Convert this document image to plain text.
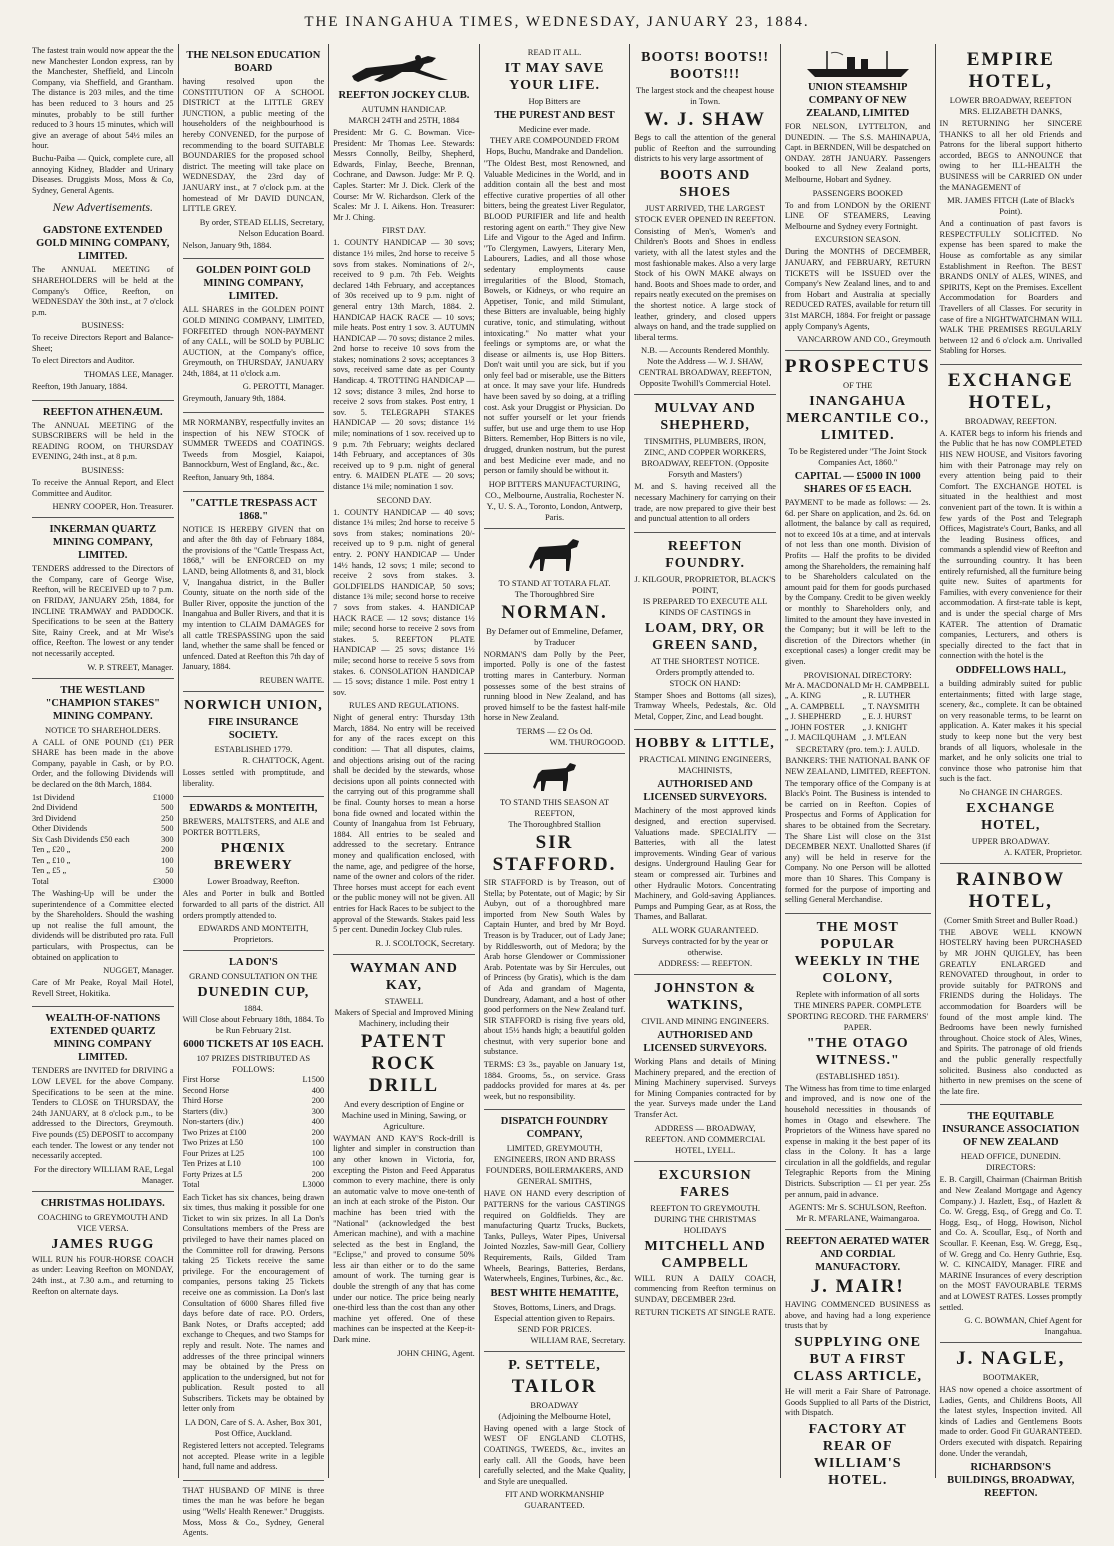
THE INANGAHUA TIMES, WEDNESDAY, JANUARY 23, 1884.

The fastest train would now appear the the new Manchester London express, ran by the Manchester, Sheffield, and Lincoln Company, via Sheffield, and Grantham. The distance is 203 miles, and the time has been reduced to 3 hours and 25 minutes, probably to be still further reduced to 3 hours 15 minutes, which will give an average of about 54½ miles an hour.

Buchu-Paiba — Quick, complete cure, all annoying Kidney, Bladder and Urinary Diseases. Druggists Moss, Moss & Co, Sydney, General Agents.

New Advertisements.
GADSTONE EXTENDED GOLD MINING COMPANY, LIMITED.

The ANNUAL MEETING of SHAREHOLDERS will be held at the Company's Office, Reefton, on WEDNESDAY the 30th inst., at 7 o'clock p.m.

BUSINESS:
To receive Directors Report and Balance-Sheet;
To elect Directors and Auditor.
THOMAS LEE, Manager.
Reefton, 19th January, 1884.
REEFTON ATHENÆUM.

The ANNUAL MEETING of the SUBSCRIBERS will be held in the READING ROOM, on THURSDAY EVENING, 24th inst., at 8 p.m.

BUSINESS:
To receive the Annual Report, and Elect Committee and Auditor.
HENRY COOPER, Hon. Treasurer.
INKERMAN QUARTZ MINING COMPANY, LIMITED.

TENDERS addressed to the Directors of the Company, care of George Wise, Reefton, will be RECEIVED up to 7 p.m. on FRIDAY, JANUARY 25th, 1884, for INCLINE TRAMWAY and PADDOCK. Specifications to be seen at the Battery Site, Rainy Creek, and at Mr Wise's office, Reefton. The lowest or any tender not necessarily accepted.

W. P. STREET, Manager.
THE WESTLAND "CHAMPION STAKES" MINING COMPANY.
NOTICE TO SHAREHOLDERS.

A CALL of ONE POUND (£1) PER SHARE has been made in the above Company, payable in Cash, or by P.O. Order, and the following Dividends will be declared on the 8th March, 1884.

1st Dividend	£1000
2nd Dividend	500
3rd Dividend	250
Other Dividends	500
Six Cash Dividends £50 each	300
Ten „ £20 „	200
Ten „ £10 „	100
Ten „ £5 „	50
Total	£3000

The Washing-Up will be under the superintendence of a Committee elected by the Shareholders. Should the washing up not realise the full amount, the dividends will be distributed pro rata. Full particulars, with Prospectus, can be obtained on application to

NUGGET, Manager.
Care of Mr Peake, Royal Mail Hotel, Revell Street, Hokitika.
WEALTH-OF-NATIONS EXTENDED QUARTZ MINING COMPANY LIMITED.

TENDERS are INVITED for DRIVING a LOW LEVEL for the above Company. Specifications to be seen at the mine. Tenders to CLOSE on THURSDAY, the 24th JANUARY, at 8 o'clock p.m., to be addressed to the Directors, Greymouth. Five pounds (£5) DEPOSIT to accompany each tender. The lowest or any tender not necessarily accepted.

For the directory WILLIAM RAE, Legal Manager.
CHRISTMAS HOLIDAYS.
COACHING to GREYMOUTH AND VICE VERSA.
JAMES RUGG

WILL RUN his FOUR-HORSE COACH as under: Leaving Reefton on MONDAY, 24th inst., at 7.30 a.m., and returning to Reefton on alternate days.

THE NELSON EDUCATION BOARD

having resolved upon the CONSTITUTION OF A SCHOOL DISTRICT at the LITTLE GREY JUNCTION, a public meeting of the householders of the neighbourhood is hereby CONVENED, for the purpose of recommending to the board SUITABLE BOUNDARIES for the proposed school district. The meeting will take place on WEDNESDAY, the 23rd day of JANUARY inst., at 7 o'clock p.m. at the homestead of Mr DAVID DUNCAN, LITTLE GREY.

By order, STEAD ELLIS, Secretary, Nelson Education Board.
Nelson, January 9th, 1884.
GOLDEN POINT GOLD MINING COMPANY, LIMITED.

ALL SHARES in the GOLDEN POINT GOLD MINING COMPANY, LIMITED, FORFEITED through NON-PAYMENT of any CALL, will be SOLD by PUBLIC AUCTION, at the Company's office, Greymouth, on THURSDAY, JANUARY 24th, 1884, at 11 o'clock a.m.

G. PEROTTI, Manager.
Greymouth, January 9th, 1884.

MR NORMANBY, respectfully invites an inspection of his NEW STOCK of SUMMER TWEEDS and COATINGS. Tweeds from Mosgiel, Kaiapoi, Bannockburn, West of England, &c., &c.

Reefton, January 9th, 1884.
"CATTLE TRESPASS ACT 1868."

NOTICE IS HEREBY GIVEN that on and after the 8th day of February 1884, the provisions of the "Cattle Trespass Act, 1868," will be ENFORCED on my LAND, being Allotments 8, and 31, block V, Inangahua district, in the Buller County, situate on the north side of the Buller River, opposite the junction of the Inangahua and Buller Rivers, and that it is my intention to CLAIM DAMAGES for all cattle TRESPASSING upon the said land, whether the same shall be fenced or unfenced. Dated at Reefton this 7th day of January, 1884.

REUBEN WAITE.
NORWICH UNION,
FIRE INSURANCE SOCIETY.
ESTABLISHED 1779.
R. CHATTOCK, Agent.

Losses settled with promptitude, and liberality.

EDWARDS & MONTEITH,

BREWERS, MALTSTERS, and ALE and PORTER BOTTLERS,

PHŒNIX BREWERY
Lower Broadway, Reefton.

Ales and Porter in bulk and Bottled forwarded to all parts of the district. All orders promptly attended to.

EDWARDS AND MONTEITH, Proprietors.
LA DON'S
GRAND CONSULTATION ON THE
DUNEDIN CUP,
1884.
Will Close about February 18th, 1884. To be Run February 21st.
6000 TICKETS AT 10S EACH.
107 PRIZES DISTRIBUTED AS FOLLOWS:
First Horse	L1500
Second Horse	400
Third Horse	200
Starters (div.)	300
Non-starters (div.)	400
Two Prizes at £100	200
Two Prizes at L50	100
Four Prizes at L25	100
Ten Prizes at L10	100
Forty Prizes at L5	200
Total	L3000

Each Ticket has six chances, being drawn six times, thus making it possible for one Ticket to win six prizes. In all La Don's Consultations members of the Press are privileged to have their names placed on the Committee roll for drawing. Persons taking 25 Tickets receive the same privilege. For the encouragement of companies, persons taking 25 Tickets receive one as commission. La Don's last Consultation of 6000 Shares filled five days before date of race. P.O. Orders, Bank Notes, or Drafts accepted; add exchange to Cheques, and two Stamps for reply and result. Note. The names and addresses of the three principal winners may be obtained by the Press on application to the undersigned, but not for publication. Result posted to all Subscribers. Tickets may be obtained by letter only from

LA DON, Care of S. A. Asher, Box 301, Post Office, Auckland.

Registered letters not accepted. Telegrams not accepted. Please write in a legible hand, full name and address.

THAT HUSBAND OF MINE is three times the man he was before he began using "Wells' Health Renewer." Druggists. Moss, Moss & Co., Sydney, General Agents.

REEFTON JOCKEY CLUB.
AUTUMN HANDICAP.
MARCH 24TH and 25TH, 1884

President: Mr G. C. Bowman. Vice-President: Mr Thomas Lee. Stewards: Messrs Connolly, Beilby, Shepherd, Edwards, Finlay, Beeche, Brennan, Cochrane, and Dawson. Judge: Mr P. Q. Caples. Starter: Mr J. Dick. Clerk of the Course: Mr W. Richardson. Clerk of the Scales: Mr J. I. Aikens. Hon. Treasurer: Mr J. Ching.

FIRST DAY.

1. COUNTY HANDICAP — 30 sovs; distance 1½ miles, 2nd horse to receive 5 sovs from stakes. Nominations of 2/-, received to 9 p.m. 7th Feb. Weights declared 14th February, and acceptances of 30s received up to 9 p.m. night of general entry 13th March, 1884. 2. HANDICAP HACK RACE — 10 sovs; mile heats. Post entry 1 sov. 3. AUTUMN HANDICAP — 70 sovs; distance 2 miles. 2nd horse to receive 10 sovs from the stakes; nominations 2 sovs; acceptances 3 sovs, received same date as per County Handicap. 4. TROTTING HANDICAP — 12 sovs; distance 3 miles, 2nd horse to receive 2 sovs from stakes. Post entry, 1 sov. 5. TELEGRAPH STAKES HANDICAP — 20 sovs; distance 1½ mile; nominations of 1 sov. received up to 9 p.m. 7th February; weights declared 14th February, and acceptances of 30s received up to 9 p.m. night of general entry. 6. MAIDEN PLATE — 20 sovs; distance 1¼ mile; nomination 1 sov.

SECOND DAY.

1. COUNTY HANDICAP — 40 sovs; distance 1¼ miles; 2nd horse to receive 5 sovs from stakes; nominations 20/- received up to 9 p.m. night of general entry. 2. PONY HANDICAP — Under 14½ hands, 12 sovs; 1 mile; second to receive 2 sovs from stakes. 3. GOLDFIELDS HANDICAP, 50 sovs; distance 1¾ mile; second horse to receive 7 sovs from stakes. 4. HANDICAP HACK RACE — 12 sovs; distance 1½ mile; second horse to receive 2 sovs from stakes. 5. REEFTON PLATE HANDICAP — 25 sovs; distance 1½ mile; second horse to receive 5 sovs from stakes. 6. CONSOLATION HANDICAP — 15 sovs; distance 1 mile. Post entry 1 sov.

RULES AND REGULATIONS.

Night of general entry: Thursday 13th March, 1884. No entry will be received for any of the races except on this condition: — That all disputes, claims, and objections arising out of the racing shall be decided by the stewards, whose decisions upon all points connected with the carrying out of this programme shall be final. County horses to mean a horse bona fide owned and located within the County of Inangahua from 1st February, 1884. All entries to be sealed and addressed to the secretary. Entrance money and qualification enclosed, with the name, age, and pedigree of the horse, name of the owner and colors of the rider. Three horses must accept for each event or the public money will not be given. All entries for Hack Races to be subject to the approval of the Stewards. Stakes paid less 5 per cent. Dunedin Jockey Club rules.

R. J. SCOLTOCK, Secretary.
WAYMAN AND KAY,
STAWELL
Makers of Special and Improved Mining Machinery, including their
PATENT ROCK DRILL
And every description of Engine or Machine used in Mining, Sawing, or Agriculture.

WAYMAN AND KAY'S Rock-drill is lighter and simpler in construction than any other known in Victoria, for, excepting the Piston and Feed Apparatus common to every machine, there is only an automatic valve to move one-tenth of an inch at each stroke of the Piston. Our machine has been tried with the "National" (acknowledged the best American machine), and with a machine selected as the best in England, the "Eclipse," and proved to consume 50% less air than either or to do the same amount of work. The turning gear is double the strength of any that has come under our notice. The price being nearly one-third less than the cost than any other machine yet offered. One of these machines can be inspected at the Keep-it-Dark mine.

JOHN CHING, Agent.
READ IT ALL.
IT MAY SAVE YOUR LIFE.
Hop Bitters are
THE PUREST AND BEST
Medicine ever made.
THEY ARE COMPOUNDED FROM Hops, Buchu, Mandrake and Dandelion.

"The Oldest Best, most Renowned, and Valuable Medicines in the World, and in addition contain all the best and most effective curative properties of all other bitters, being the greatest Liver Regulator, BLOOD PURIFIER and life and health restoring agent on earth." They give New Life and Vigour to the Aged and Infirm. "To Clergymen, Lawyers, Literary Men, Labourers, Ladies, and all those whose sedentary employments cause irregularities of the Blood, Stomach, Bowels, or Kidneys, or who require an Appetiser, Tonic, and mild Stimulant, these Bitters are invaluable, being highly curative, tonic, and stimulating, without intoxicating." No matter what your feelings or symptoms are, or what the disease or ailments is, use Hop Bitters. Don't wait until you are sick, but if you only feel bad or miserable, use the Bitters at once. It may save your life. Hundreds have been saved by so doing, at a trifling cost. Ask your Druggist or Physician. Do not suffer yourself or let your friends suffer, but use and urge them to use Hop Bitters. Remember, Hop Bitters is no vile, drugged, drunken nostrum, but the purest and best Medicine ever made, and no person or family should be without it.

HOP BITTERS MANUFACTURING, CO., Melbourne, Australia, Rochester N. Y., U. S. A., Toronto, London, Antwerp, Paris.
TO STAND AT TOTARA FLAT.
The Thoroughbred Sire
NORMAN.
By Defamer out of Emmeline, Defamer, by Traducer

NORMAN'S dam Polly by the Peer, imported. Polly is one of the fastest trotting mares in Canterbury. Norman possesses some of the best strains of running blood in New Zealand, and has proved himself to be the fastest half-mile horse in New Zealand.

TERMS — £2 Os Od.
WM. THUROGOOD.
TO STAND THIS SEASON AT REEFTON,
The Thoroughbred Stallion
SIR STAFFORD.

SIR STAFFORD is by Treason, out of Stella; by Potentate, out of Magic; by Sir Aubyn, out of a thoroughbred mare imported from New South Wales by Captain Hunter, and bred by Mr Boyd. Treason is by Traducer, out of Lady Jane; by Riddlesworth, out of Medora; by the Arab horse Glendower or Commissioner Arab. Potentate was by Sir Hercules, out of Princess (by Gratis), which is the dam of Ada and grandam of Magenta, Dundreary, Adamant, and a host of other good performers on the New Zealand turf. SIR STAFFORD is rising five years old, about 15½ hands high; a beautiful golden chestnut, with very superior bone and substance.

TERMS: £3 3s., payable on January 1st, 1884. Grooms, 5s., on service. Grass paddocks provided for mares at 4s. per week, but no responsibility.

DISPATCH FOUNDRY COMPANY,
LIMITED, GREYMOUTH,
ENGINEERS, IRON AND BRASS FOUNDERS, BOILERMAKERS, AND GENERAL SMITHS,

HAVE ON HAND every description of PATTERNS for the various CASTINGS required on Goldfields. They are manufacturing Quartz Trucks, Buckets, Tanks, Pulleys, Water Pipes, Universal Jointed Nozzles, Saw-mill Gear, Colliery Requirements, Rails, Gilded Tram Wheels, Bearings, Batteries, Berdans, Waterwheels, Engines, Turbines, &c., &c.

BEST WHITE HEMATITE,
Stoves, Bottoms, Liners, and Drags.
Especial attention given to Repairs.
SEND FOR PRICES.
WILLIAM RAE, Secretary.
P. SETTELE,
TAILOR
BROADWAY
(Adjoining the Melbourne Hotel,

Having opened with a large Stock of WEST OF ENGLAND CLOTHS, COATINGS, TWEEDS, &c., invites an early call. All the Goods, have been carefully selected, and the Make Quality, and Style are unequalled.

FIT AND WORKMANSHIP GUARANTEED.
BOOTS! BOOTS!! BOOTS!!!
The largest stock and the cheapest house in Town.
W. J. SHAW

Begs to call the attention of the general public of Reefton and the surrounding districts to his very large assortment of

BOOTS AND SHOES
JUST ARRIVED, THE LARGEST STOCK EVER OPENED IN REEFTON.

Consisting of Men's, Women's and Children's Boots and Shoes in endless variety, with all the latest styles and the most fashionable makes. Also a very large Stock of his OWN MAKE always on hand. Boots and Shoes made to order, and repairs neatly executed on the premises on the shortest notice. A large stock of leather, grindery, and closed uppers always on hand, and the trade supplied on liberal terms.

N.B. — Accounts Rendered Monthly.
Note the Address — W. J. SHAW, CENTRAL BROADWAY, REEFTON, Opposite Twohill's Commercial Hotel.
MULVAY AND SHEPHERD,
TINSMITHS, PLUMBERS, IRON, ZINC, AND COPPER WORKERS,
BROADWAY, REEFTON. (Opposite Forsyth and Masters')

M. and S. having received all the necessary Machinery for carrying on their trade, are now prepared to give their best and punctual attention to all orders

REEFTON FOUNDRY.
J. KILGOUR, PROPRIETOR, BLACK'S POINT,
IS PREPARED TO EXECUTE ALL KINDS OF CASTINGS in
LOAM, DRY, OR GREEN SAND,
AT THE SHORTEST NOTICE.
Orders promptly attended to.
STOCK ON HAND:

Stamper Shoes and Bottoms (all sizes), Tramway Wheels, Pedestals, &c. Old Metal, Copper, Zinc, and Lead bought.

HOBBY & LITTLE,
PRACTICAL MINING ENGINEERS, MACHINISTS,
AUTHORISED AND LICENSED SURVEYORS.

Machinery of the most approved kinds designed, and erection supervised. Valuations made. SPECIALITY — Batteries, with all the latest improvements. Winding Gear of various designs. Underground Hauling Gear for steam or compressed air. Turbines and other Hydraulic Motors. Concentrating Machinery, and Gold-saving Appliances. Pumps and Pumping Gear, as at Ross, the Thames, and Ballarat.

ALL WORK GUARANTEED.
Surveys contracted for by the year or otherwise.
ADDRESS: — REEFTON.
JOHNSTON & WATKINS,
CIVIL AND MINING ENGINEERS.
AUTHORISED AND LICENSED SURVEYORS.

Working Plans and details of Mining Machinery prepared, and the erection of Mining Machinery supervised. Surveys for Mining Companies contracted for by the year. Surveys made under the Land Transfer Act.

ADDRESS — BROADWAY, REEFTON. AND COMMERCIAL HOTEL, LYELL.
EXCURSION FARES
REEFTON TO GREYMOUTH.
DURING THE CHRISTMAS HOLIDAYS
MITCHELL AND CAMPBELL

WILL RUN A DAILY COACH, commencing from Reefton terminus on SUNDAY, DECEMBER 23rd.

RETURN TICKETS AT SINGLE RATE.
UNION STEAMSHIP COMPANY OF NEW ZEALAND, LIMITED

FOR NELSON, LYTTELTON, and DUNEDIN. — The S.S. MAHINAPUA, Capt. in BERNDEN, Will be despatched on ONDAY. 28TH JANUARY. Passengers booked to all New Zealand ports, Melbourne, Hobart and Sydney.

PASSENGERS BOOKED

To and from LONDON by the ORIENT LINE OF STEAMERS, Leaving Melbourne and Sydney every Fortnight.

EXCURSION SEASON.

During the MONTHS of DECEMBER, JANUARY, and FEBRUARY, RETURN TICKETS will be ISSUED over the Company's New Zealand lines, and to and from Hobart and Australia at specially REDUCED RATES, available for return till 31st MARCH, 1884. For freight or passage apply Company's Agents,

VANCARROW AND CO., Greymouth
PROSPECTUS
OF THE
INANGAHUA MERCANTILE CO., LIMITED.
To be Registered under "The Joint Stock Companies Act, 1860."
CAPITAL — £5000 IN 1000 SHARES OF £5 EACH.

PAYMENT to be made as follows: — 2s. 6d. per Share on application, and 2s. 6d. on allotment, the balance by call as required, not to exceed 10s at a time, and at intervals of not less than one month. Division of Profits — Half the profits to be divided among the Shareholders, the remaining half to be Shareholders calculated on the amount paid for them for goods purchased by the Company. Credit to be given weekly or monthly to Shareholders only, and limited to the amount they have invested in the Company; but it will be left to the discretion of the Directors whether (in exceptional cases) a longer credit may be given.

PROVISIONAL DIRECTORY:
Mr A. MACDONALD	Mr H. CAMPBELL
„ A. KING	„ R. LUTHER
„ A. CAMPBELL	„ T. NAYSMITH
„ J. SHEPHERD	„ E. J. HURST
„ JOHN FOSTER	„ J. KNIGHT
„ J. MACILQUHAM	„ J. M'LEAN
SECRETARY (pro. tem.): J. AULD.
BANKERS: THE NATIONAL BANK OF NEW ZEALAND, LIMITED, REEFTON.

The temporary office of the Company is at Black's Point. The Business is intended to be carried on in Reefton. Copies of Prospectus and Forms of Application for shares to be obtained from the Secretary. The Share List will close on the 31st DECEMBER NEXT. Unallotted Shares (if any) will be held in reserve for the Company. No one Person will be allotted more than 10 Shares. This Company is formed for the purpose of importing and selling General Merchandise.

THE MOST POPULAR WEEKLY IN THE COLONY,
Replete with information of all sorts
THE MINERS PAPER. COMPLETE SPORTING RECORD. THE FARMERS' PAPER.
"THE OTAGO WITNESS."
(ESTABLISHED 1851).

The Witness has from time to time enlarged and improved, and is now one of the household necessities in thousands of homes in Otago and elsewhere. The Proprietors of the Witness have spared no expense in making it the best paper of its class in the Colony. It has a large circulation in all the goldfields, and regular Telegraphic Reports from the Mining Districts. Subscription — £1 per year. 25s per annum, paid in advance.

AGENTS: Mr S. SCHULSON, Reefton. Mr R. M'FARLANE, Waimangaroa.
REEFTON AERATED WATER AND CORDIAL MANUFACTORY.
J. MAIR!

HAVING COMMENCED BUSINESS as above, and having had a long experience trusts that by

SUPPLYING ONE BUT A FIRST CLASS ARTICLE,

He will merit a Fair Share of Patronage. Goods Supplied to all Parts of the District, with Dispatch.

FACTORY AT REAR OF WILLIAM'S HOTEL.
EMPIRE HOTEL,
LOWER BROADWAY, REEFTON
MRS. ELIZABETH DANKS,

IN RETURNING her SINCERE THANKS to all her old Friends and Patrons for the liberal support hitherto accorded, BEGS to ANNOUNCE that owing to her ILL-HEALTH the BUSINESS will be CARRIED ON under the MANAGEMENT of

MR. JAMES FITCH (Late of Black's Point).

And a continuation of past favors is RESPECTFULLY SOLICITED. No expense has been spared to make the House as comfortable as any similar Establishment in Reefton. The BEST BRANDS ONLY of ALES, WINES, and SPIRITS, Kept on the Premises. Excellent Accommodation for Boarders and Travellers of all Classes. For security in case of fire a NIGHTWATCHMAN WILL WALK THE PREMISES REGULARLY between 12 and 6 o'clock a.m. Unrivalled Stabling for Horses.

EXCHANGE HOTEL,
BROADWAY, REEFTON.

A. KATER begs to inform his friends and the Public that he has now COMPLETED HIS NEW HOUSE, and Visitors favoring him with their Patronage may rely on every attention being paid to their Comfort. The EXCHANGE HOTEL is situated in the healthiest and most convenient part of the town. It is within a few yards of the Post and Telegraph Offices, Magistrate's Court, Banks, and all the leading Business offices, and commands a splendid view of Reefton and the surrounding country. It has been entirely refurnished, all the furniture being quite new. Suites of apartments for Families, with every convenience for their accommodation. A first-rate table is kept, and is under the special charge of Mrs KATER. The attention of Dramatic companies, Lecturers, and others is specially directed to the fact that in connection with the hotel is the

ODDFELLOWS HALL,

a building admirably suited for public entertainments; fitted with large stage, scenery, &c., complete. It can be obtained on very reasonable terms, to be learnt on application. A. Kater makes it his special study to keep none but the very best brands of all liquors, wholesale in the market, and he only solicits one trial to convince those who patronise him that such is the fact.

No CHANGE IN CHARGES.
EXCHANGE HOTEL,
UPPER BROADWAY.
A. KATER, Proprietor.
RAINBOW HOTEL,
(Corner Smith Street and Buller Road.)

THE ABOVE WELL KNOWN HOSTELRY having been PURCHASED by MR JOHN QUIGLEY, has been GREATLY ENLARGED and RENOVATED throughout, in order to provide suitably for PATRONS and FRIENDS during the Holidays. The accommodation for Boarders will be found of the most ample kind. The Bedrooms have been newly furnished throughout. Choice stock of Ales, Wines, and Spirits. The patronage of old friends and the public generally respectfully solicited. Business also conducted as hitherto in new premises on the scene of the late fire.

THE EQUITABLE INSURANCE ASSOCIATION OF NEW ZEALAND
HEAD OFFICE, DUNEDIN.
DIRECTORS:

E. B. Cargill, Chairman (Chairman British and New Zealand Mortgage and Agency Company.) J. Hazlett, Esq., of Hazlett & Co. W. Gregg, Esq., of Gregg and Co. T. Hogg, Esq., of Hogg, Howison, Nichol and Co. A. Scoullar, Esq., of North and Scoullar. F. Keenan, Esq. W. Gregg, Esq., of W. Gregg and Co. Henry Guthrie, Esq. W. C. KINCAIDY, Manager. FIRE and MARINE Insurances of every description on the MOST FAVOURABLE TERMS and at LOWEST RATES. Losses promptly settled.

G. C. BOWMAN, Chief Agent for Inangahua.
J. NAGLE,
BOOTMAKER,

HAS now opened a choice assortment of Ladies, Gents, and Childrens Boots, All the latest styles, Inspection invited. All kinds of Ladies and Gentlemens Boots made to order. Good Fit GUARANTEED. Orders executed with dispatch. Repairing done. Under the verandah,

RICHARDSON'S BUILDINGS, BROADWAY, REEFTON.
